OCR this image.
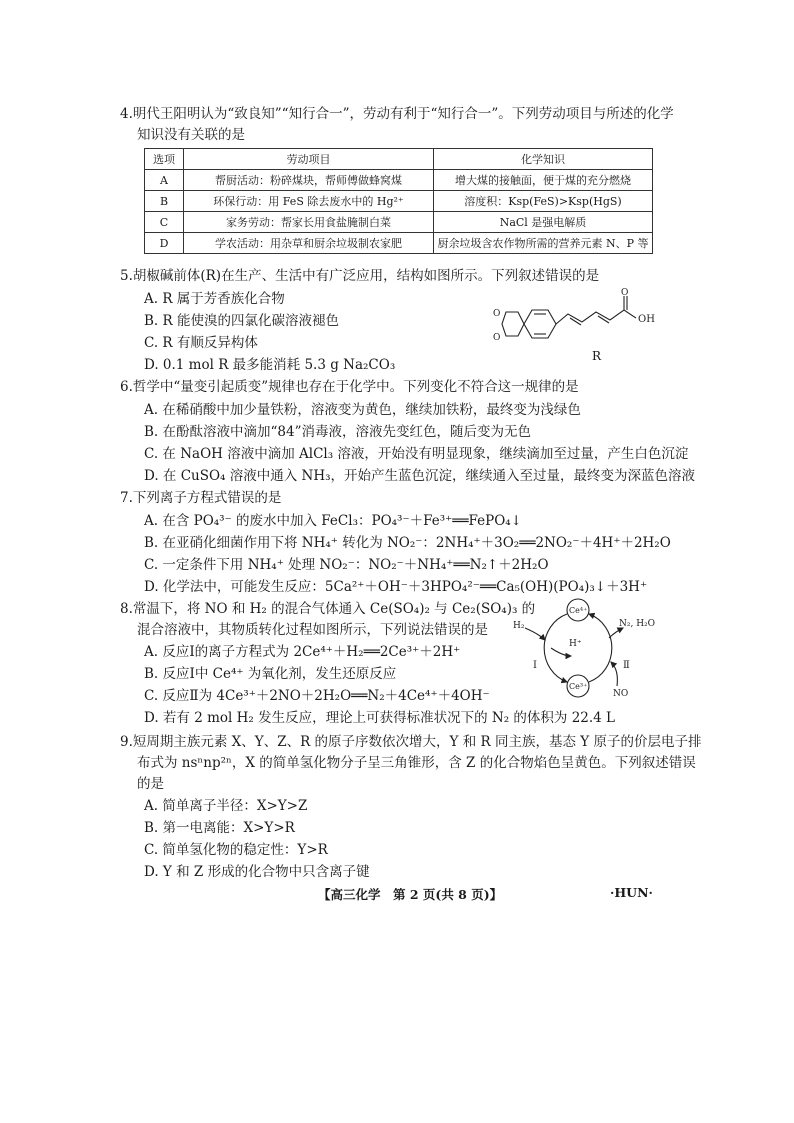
4.明代王阳明认为“致良知”“知行合一”，劳动有利于“知行合一”。下列劳动项目与所述的化学
知识没有关联的是
选项	劳动项目	化学知识
A	帮厨活动：粉碎煤块，帮师傅做蜂窝煤	增大煤的接触面，便于煤的充分燃烧
B	环保行动：用 FeS 除去废水中的 Hg²⁺	溶度积：Ksp(FeS)>Ksp(HgS)
C	家务劳动：帮家长用食盐腌制白菜	NaCl 是强电解质
D	学农活动：用杂草和厨余垃圾制农家肥	厨余垃圾含农作物所需的营养元素 N、P 等
5.胡椒碱前体(R)在生产、生活中有广泛应用，结构如图所示。下列叙述错误的是
A. R 属于芳香族化合物
B. R 能使溴的四氯化碳溶液褪色
C. R 有顺反异构体
D. 0.1 mol R 最多能消耗 5.3 g Na₂CO₃
O
O
O
OH
R
6.哲学中“量变引起质变”规律也存在于化学中。下列变化不符合这一规律的是
A. 在稀硝酸中加少量铁粉，溶液变为黄色，继续加铁粉，最终变为浅绿色
B. 在酚酞溶液中滴加“84”消毒液，溶液先变红色，随后变为无色
C. 在 NaOH 溶液中滴加 AlCl₃ 溶液，开始没有明显现象，继续滴加至过量，产生白色沉淀
D. 在 CuSO₄ 溶液中通入 NH₃，开始产生蓝色沉淀，继续通入至过量，最终变为深蓝色溶液
7.下列离子方程式错误的是
A. 在含 PO₄³⁻ 的废水中加入 FeCl₃：PO₄³⁻＋Fe³⁺══FePO₄↓
B. 在亚硝化细菌作用下将 NH₄⁺ 转化为 NO₂⁻：2NH₄⁺＋3O₂══2NO₂⁻＋4H⁺＋2H₂O
C. 一定条件下用 NH₄⁺ 处理 NO₂⁻：NO₂⁻＋NH₄⁺══N₂↑＋2H₂O
D. 化学法中，可能发生反应：5Ca²⁺＋OH⁻＋3HPO₄²⁻══Ca₅(OH)(PO₄)₃↓＋3H⁺
8.常温下，将 NO 和 H₂ 的混合气体通入 Ce(SO₄)₂ 与 Ce₂(SO₄)₃ 的
混合溶液中，其物质转化过程如图所示，下列说法错误的是
A. 反应Ⅰ的离子方程式为 2Ce⁴⁺＋H₂══2Ce³⁺＋2H⁺
B. 反应Ⅰ中 Ce⁴⁺ 为氧化剂，发生还原反应
C. 反应Ⅱ为 4Ce³⁺＋2NO＋2H₂O══N₂＋4Ce⁴⁺＋4OH⁻
D. 若有 2 mol H₂ 发生反应，理论上可获得标准状况下的 N₂ 的体积为 22.4 L
Ce⁴⁺
Ce³⁺
H₂
H⁺
N₂, H₂O
NO
Ⅰ	Ⅱ
9.短周期主族元素 X、Y、Z、R 的原子序数依次增大，Y 和 R 同主族，基态 Y 原子的价层电子排
布式为 nsⁿnp²ⁿ，X 的简单氢化物分子呈三角锥形，含 Z 的化合物焰色呈黄色。下列叙述错误
的是
A. 简单离子半径：X>Y>Z
B. 第一电离能：X>Y>R
C. 简单氢化物的稳定性：Y>R
D. Y 和 Z 形成的化合物中只含离子键
【高三化学　第 2 页(共 8 页)】	·HUN·
